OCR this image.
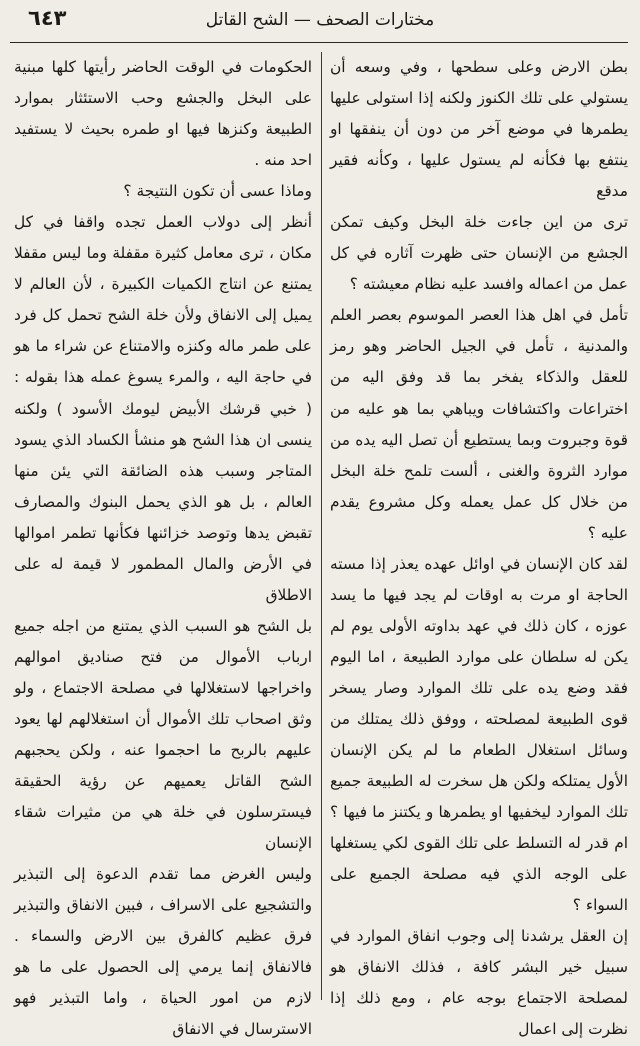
٦٤٣	مختارات الصحف — الشح القاتل

بطن الارض وعلى سطحها ، وفي وسعه أن يستولي على تلك الكنوز ولكنه إذا استولى عليها يطمرها في موضع آخر من دون أن ينفقها او ينتفع بها فكأنه لم يستول عليها ، وكأنه فقير مدقع

ترى من اين جاءت خلة البخل وكيف تمكن الجشع من الإنسان حتى ظهرت آثاره في كل عمل من اعماله وافسد عليه نظام معيشته ؟

تأمل في اهل هذا العصر الموسوم بعصر العلم والمدنية ، تأمل في الجيل الحاضر وهو رمز للعقل والذكاء يفخر بما قد وفق اليه من اختراعات واكتشافات ويباهي بما هو عليه من قوة وجبروت وبما يستطيع أن تصل اليه يده من موارد الثروة والغنى ، ألست تلمح خلة البخل من خلال كل عمل يعمله وكل مشروع يقدم عليه ؟

لقد كان الإنسان في اوائل عهده يعذر إذا مسته الحاجة او مرت به اوقات لم يجد فيها ما يسد عوزه ، كان ذلك في عهد بداوته الأولى يوم لم يكن له سلطان على موارد الطبيعة ، اما اليوم فقد وضع يده على تلك الموارد وصار يسخر قوى الطبيعة لمصلحته ، ووفق ذلك يمتلك من وسائل استغلال الطعام ما لم يكن الإنسان الأول يمتلكه ولكن هل سخرت له الطبيعة جميع تلك الموارد ليخفيها او يطمرها و يكتنز ما فيها ؟ ام قدر له التسلط على تلك القوى لكي يستغلها على الوجه الذي فيه مصلحة الجميع على السواء ؟

إن العقل يرشدنا إلى وجوب انفاق الموارد في سبيل خير البشر كافة ، فذلك الانفاق هو لمصلحة الاجتماع بوجه عام ، ومع ذلك إذا نظرت إلى اعمال

الحكومات في الوقت الحاضر رأيتها كلها مبنية على البخل والجشع وحب الاستئثار بموارد الطبيعة وكنزها فيها او طمره بحيث لا يستفيد احد منه .

وماذا عسى أن تكون النتيجة ؟

أنظر إلى دولاب العمل تجده واقفا في كل مكان ، ترى معامل كثيرة مقفلة وما ليس مقفلا يمتنع عن انتاج الكميات الكبيرة ، لأن العالم لا يميل إلى الانفاق ولأن خلة الشح تحمل كل فرد على طمر ماله وكنزه والامتناع عن شراء ما هو في حاجة اليه ، والمرء يسوغ عمله هذا بقوله : ( خبي قرشك الأبيض ليومك الأسود ) ولكنه ينسى ان هذا الشح هو منشأ الكساد الذي يسود المتاجر وسبب هذه الضائقة التي يئن منها العالم ، بل هو الذي يحمل البنوك والمصارف تقبض يدها وتوصد خزائنها فكأنها تطمر اموالها في الأرض والمال المطمور لا قيمة له على الاطلاق

بل الشح هو السبب الذي يمتنع من اجله جميع ارباب الأموال من فتح صناديق اموالهم واخراجها لاستغلالها في مصلحة الاجتماع ، ولو وثق اصحاب تلك الأموال أن استغلالهم لها يعود عليهم بالربح ما احجموا عنه ، ولكن يحجبهم الشح القاتل يعميهم عن رؤية الحقيقة فيسترسلون في خلة هي من مثيرات شقاء الإنسان

وليس الغرض مما تقدم الدعوة إلى التبذير والتشجيع على الاسراف ، فبين الانفاق والتبذير فرق عظيم كالفرق بين الارض والسماء . فالانفاق إنما يرمي إلى الحصول على ما هو لازم من امور الحياة ، واما التبذير فهو الاسترسال في الانفاق
